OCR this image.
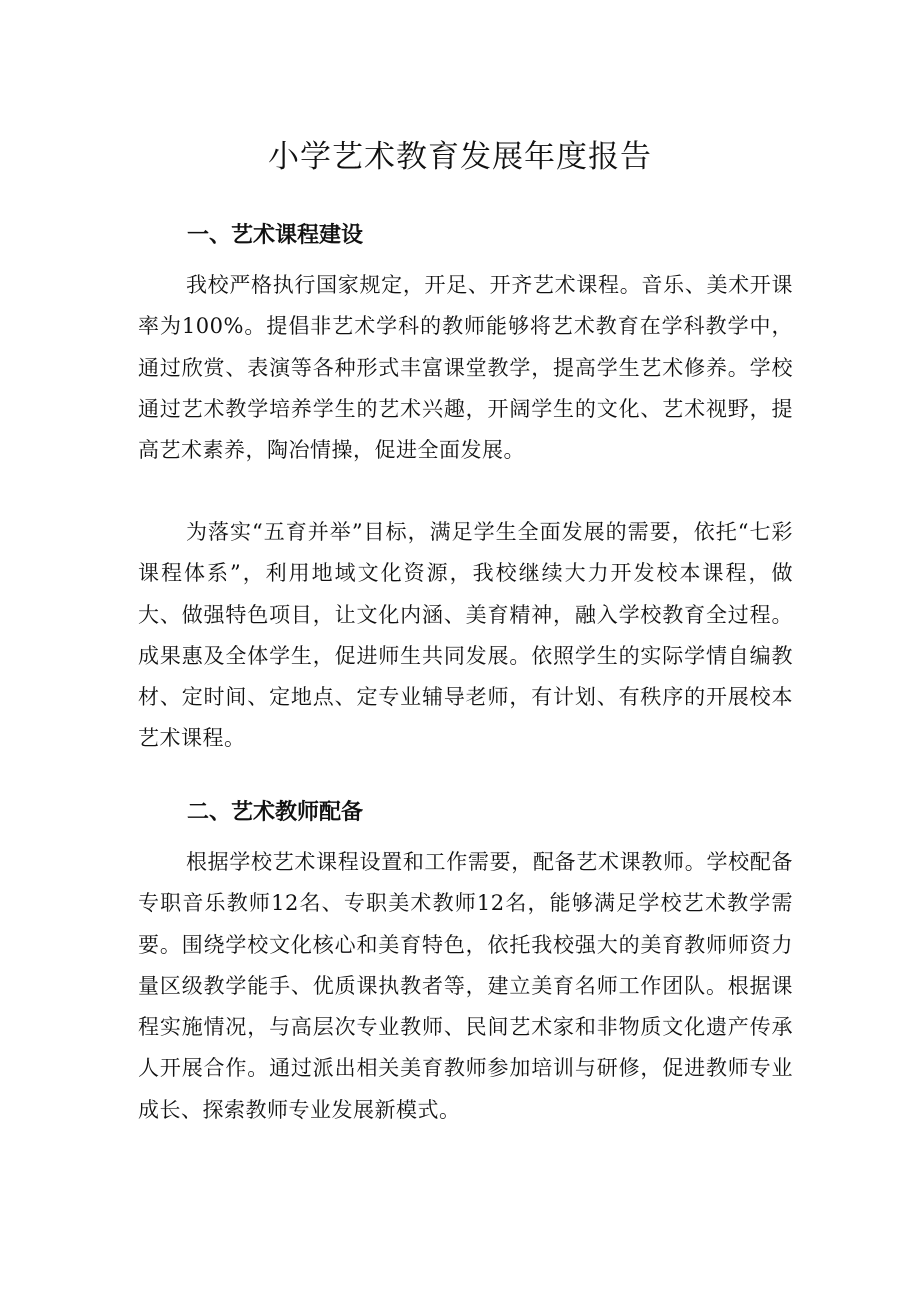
小学艺术教育发展年度报告
一、艺术课程建设

我校严格执行国家规定，开足、开齐艺术课程。音乐、美术开课率为100%。提倡非艺术学科的教师能够将艺术教育在学科教学中，通过欣赏、表演等各种形式丰富课堂教学，提高学生艺术修养。学校通过艺术教学培养学生的艺术兴趣，开阔学生的文化、艺术视野，提高艺术素养，陶冶情操，促进全面发展。

为落实“五育并举”目标，满足学生全面发展的需要，依托“七彩课程体系”，利用地域文化资源，我校继续大力开发校本课程，做大、做强特色项目，让文化内涵、美育精神，融入学校教育全过程。成果惠及全体学生，促进师生共同发展。依照学生的实际学情自编教材、定时间、定地点、定专业辅导老师，有计划、有秩序的开展校本艺术课程。

二、艺术教师配备

根据学校艺术课程设置和工作需要，配备艺术课教师。学校配备专职音乐教师12名、专职美术教师12名，能够满足学校艺术教学需要。围绕学校文化核心和美育特色，依托我校强大的美育教师师资力量区级教学能手、优质课执教者等，建立美育名师工作团队。根据课程实施情况，与高层次专业教师、民间艺术家和非物质文化遗产传承人开展合作。通过派出相关美育教师参加培训与研修，促进教师专业成长、探索教师专业发展新模式。
